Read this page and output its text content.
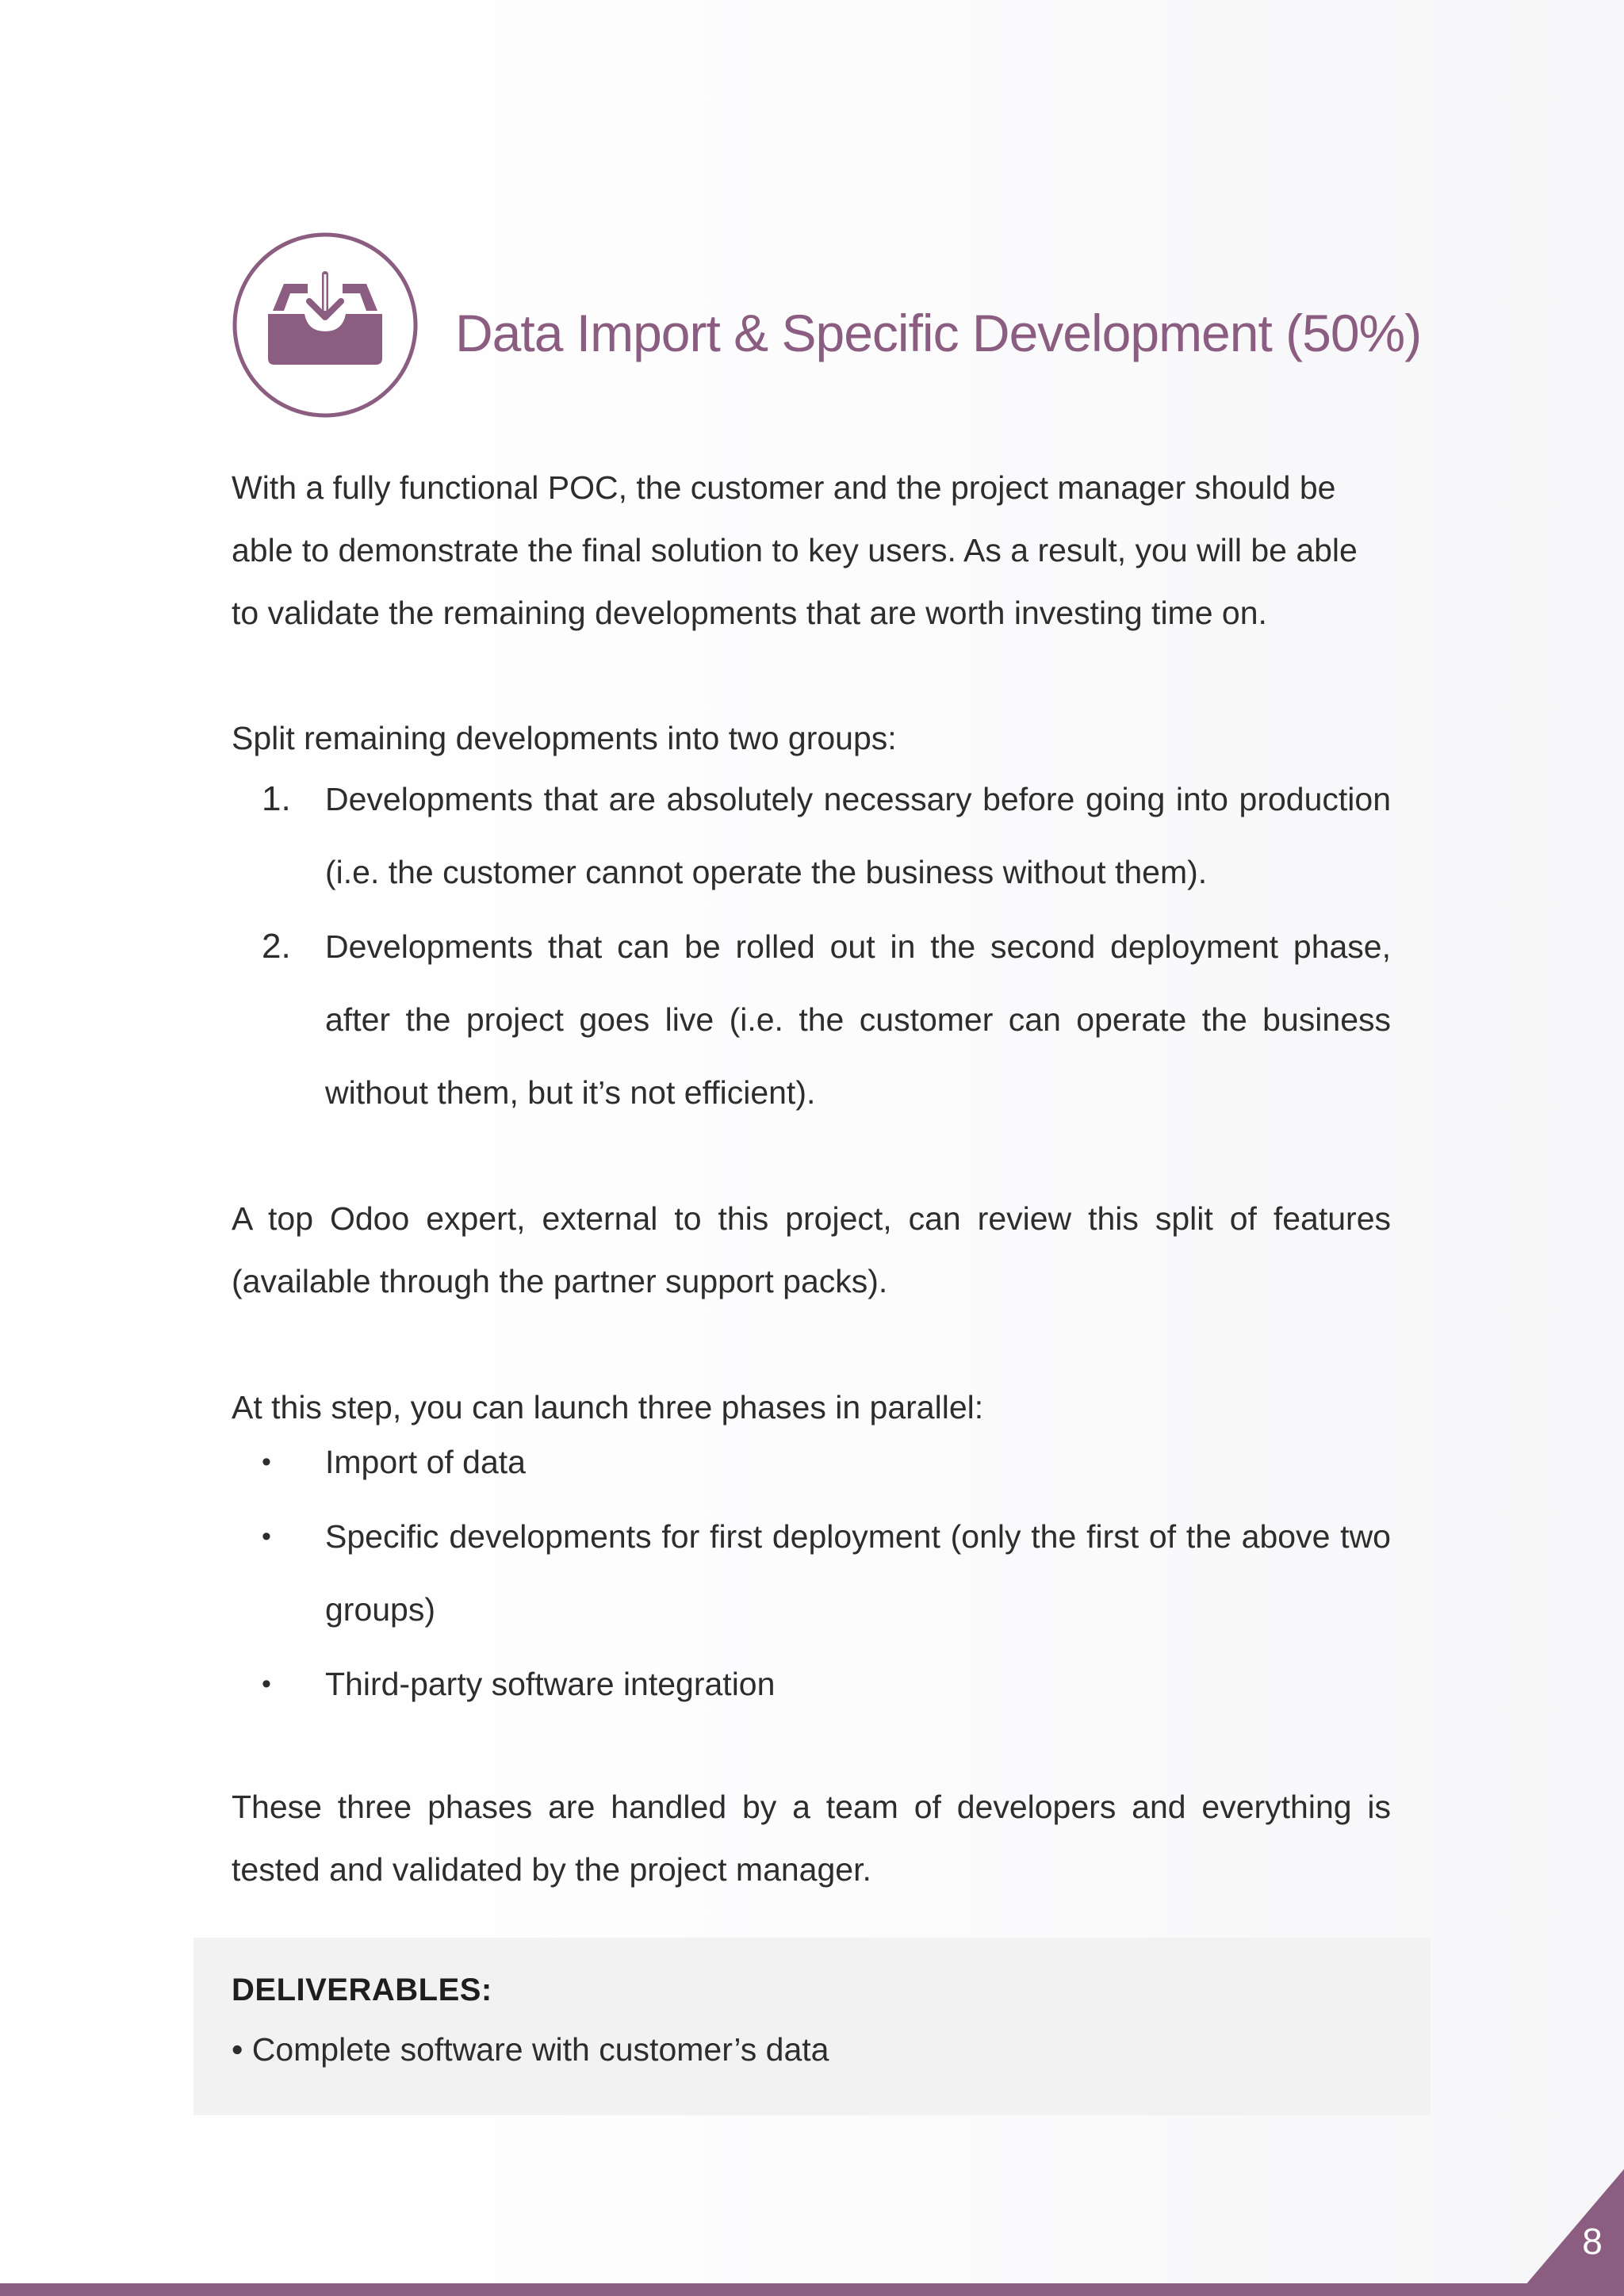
Data Import & Specific Development (50%)
With a fully functional POC, the customer and the project manager should be able to demonstrate the final solution to key users. As a result, you will be able to validate the remaining developments that are worth investing time on.
Split remaining developments into two groups:
1. Developments that are absolutely necessary before going into production (i.e. the customer cannot operate the business without them).
2. Developments that can be rolled out in the second deployment phase, after the project goes live (i.e. the customer can operate the business without them, but it’s not efficient).
A top Odoo expert, external to this project, can review this split of features (available through the partner support packs).
At this step, you can launch three phases in parallel:
• Import of data
• Specific developments for first deployment (only the first of the above two groups)
• Third-party software integration
These three phases are handled by a team of developers and everything is tested and validated by the project manager.
DELIVERABLES:
• Complete software with customer’s data
8
